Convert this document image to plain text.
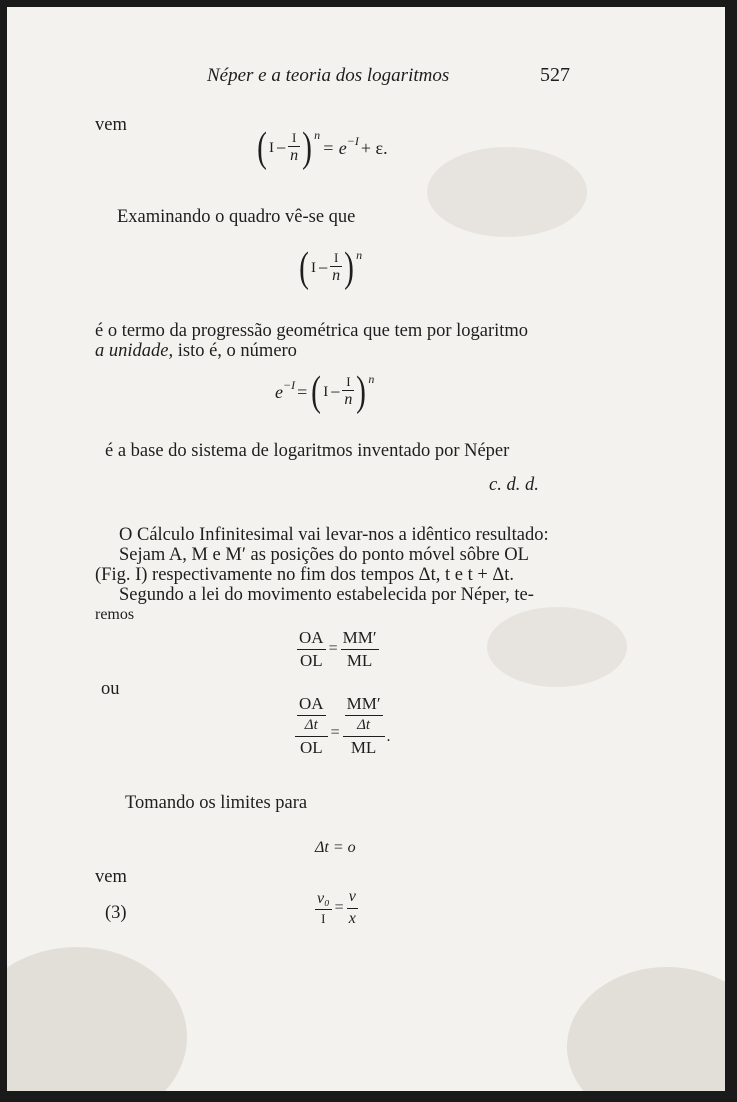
Néper e a teoria dos logaritmos	527
vem	( $I - \frac{I}{n}$ ) n
= e −I + ε.
Examinando o quadro vê-se que
( $I - \frac{I}{n}$ ) n
é o termo da progressão geométrica que tem por logaritmo
a unidade, isto é, o número
e −I = ( $I - \frac{I}{n}$ ) n
é a base do sistema de logaritmos inventado por Néper
c. d. d.
O Cálculo Infinitesimal vai levar-nos a idêntico resultado:
Sejam A, M e M′ as posições do ponto móvel sôbre OL
(Fig. I) respectivamente no fim dos tempos Δt, t e t + Δt.
Segundo a lei do movimento estabelecida por Néper, te-
remos
$\frac{OA}{OL} = \frac{MM'}{ML}$
ou
$\frac{\frac{OA}{\Delta t}}{OL} = \frac{\frac{MM'}{\Delta t}}{ML}$ .
Tomando os limites para
Δt = o
vem
(3)	$\frac{\text{v₀}}{I} = \frac{v}{x}$
